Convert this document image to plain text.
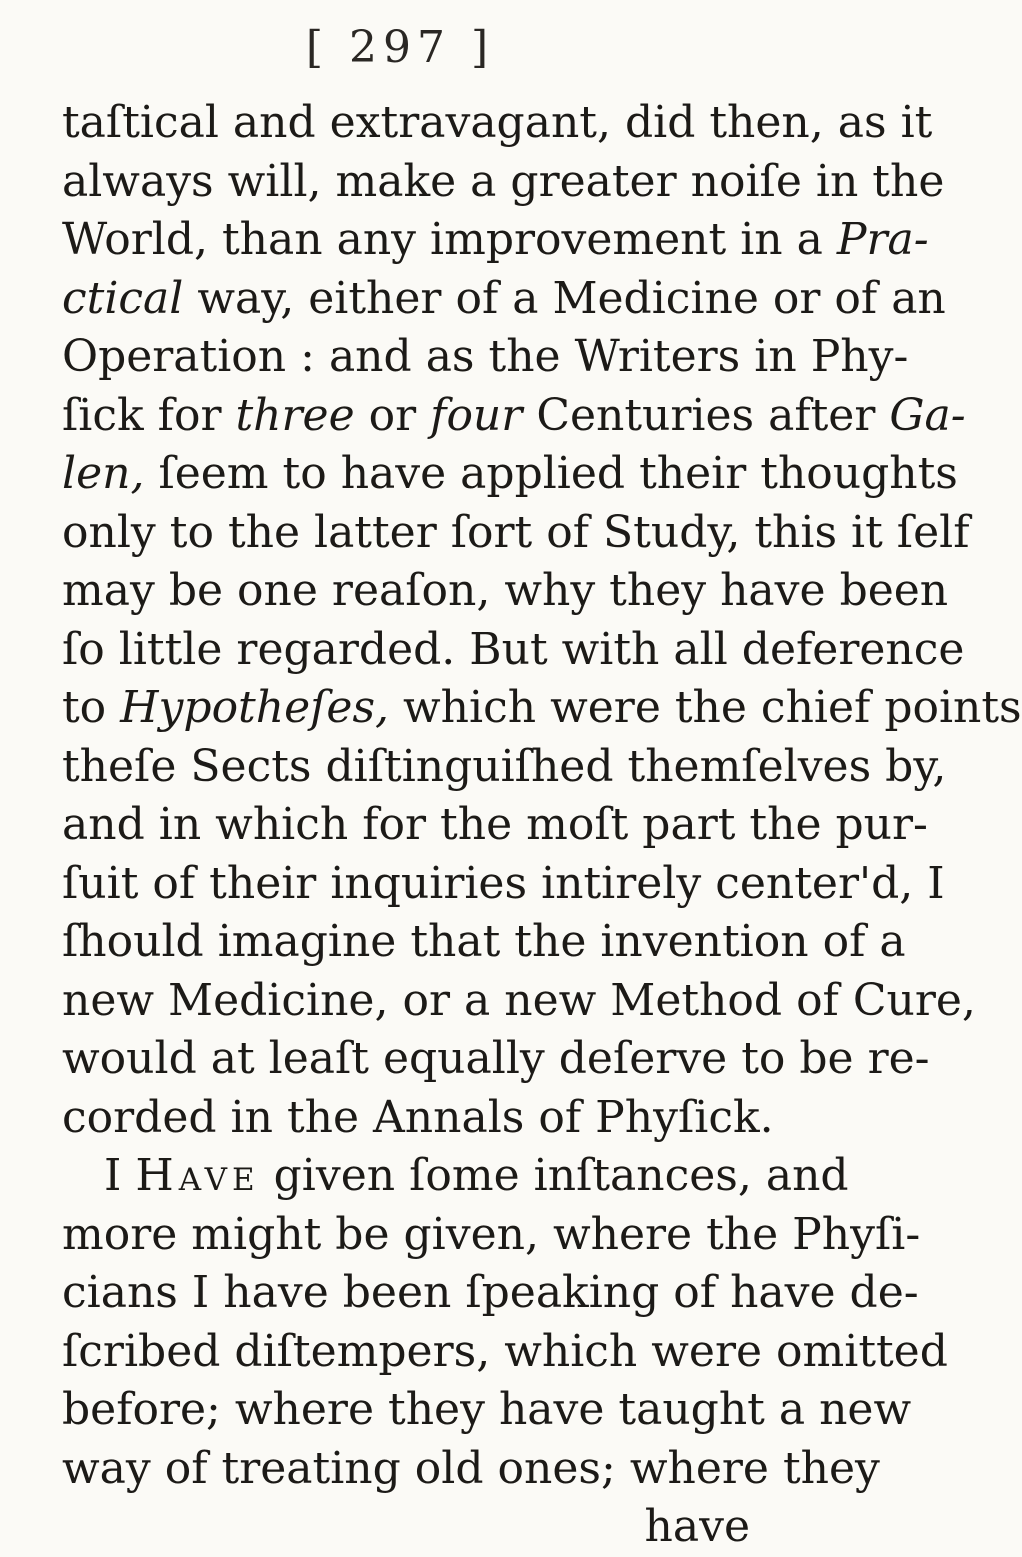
[ 297 ]
taſtical and extravagant, did then, as it
always will, make a greater noiſe in the
World, than any improvement in a Pra-
ctical way, either of a Medicine or of an
Operation : and as the Writers in Phy-
ſick for three or four Centuries after Ga-
len, ſeem to have applied their thoughts
only to the latter ſort of Study, this it ſelf
may be one reaſon, why they have been
ſo little regarded. But with all deference
to Hypotheſes, which were the chief points
theſe Sects diſtinguiſhed themſelves by,
and in which for the moſt part the pur-
ſuit of their inquiries intirely center'd, I
ſhould imagine that the invention of a
new Medicine, or a new Method of Cure,
would at leaſt equally deſerve to be re-
corded in the Annals of Phyſick.
I Have given ſome inſtances, and
more might be given, where the Phyſi-
cians I have been ſpeaking of have de-
ſcribed diſtempers, which were omitted
before; where they have taught a new
way of treating old ones; where they
have
